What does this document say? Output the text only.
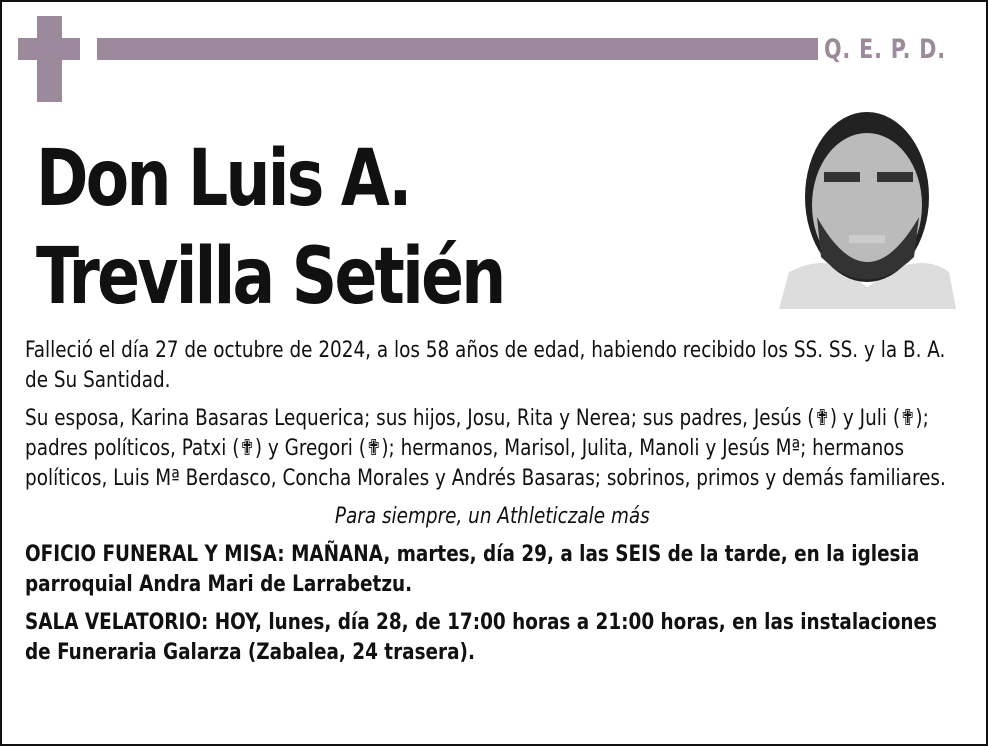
Q. E. P. D.
Don Luis A.
Trevilla Setién

Falleció el día 27 de octubre de 2024, a los 58 años de edad, habiendo recibido los SS. SS. y la B. A. de Su Santidad.

Su esposa, Karina Basaras Lequerica; sus hijos, Josu, Rita y Nerea; sus padres, Jesús (✟) y Juli (✟); padres políticos, Patxi (✟) y Gregori (✟); hermanos, Marisol, Julita, Manoli y Jesús Mª; hermanos políticos, Luis Mª Berdasco, Concha Morales y Andrés Basaras; sobrinos, primos y demás familiares.

Para siempre, un Athleticzale más

OFICIO FUNERAL Y MISA: MAÑANA, martes, día 29, a las SEIS de la tarde, en la iglesia parroquial Andra Mari de Larrabetzu.

SALA VELATORIO: HOY, lunes, día 28, de 17:00 horas a 21:00 horas, en las instalaciones de Funeraria Galarza (Zabalea, 24 trasera).
